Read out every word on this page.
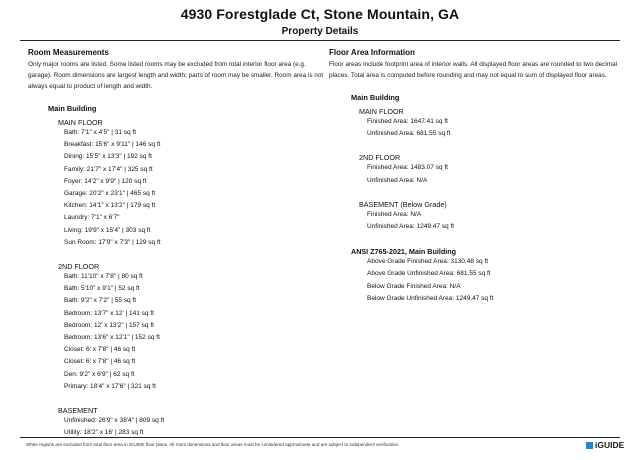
4930 Forestglade Ct, Stone Mountain, GA
Property Details
Room Measurements
Only major rooms are listed. Some listed rooms may be excluded from total interior floor area (e.g. garage). Room dimensions are largest length and width; parts of room may be smaller. Room area is not always equal to product of length and width.
Main Building
MAIN FLOOR
Bath: 7'1" x 4'5" | 31 sq ft
Breakfast: 15'6" x 9'11" | 146 sq ft
Dining: 15'5" x 13'3" | 192 sq ft
Family: 21'7" x 17'4" | 325 sq ft
Foyer: 14'2" x 9'9" | 120 sq ft
Garage: 20'2" x 23'1" | 465 sq ft
Kitchen: 14'1" x 13'2" | 179 sq ft
Laundry: 7'1" x 6'7"
Living: 19'9" x 15'4" | 303 sq ft
Sun Room: 17'9" x 7'3" | 129 sq ft
2ND FLOOR
Bath: 11'10" x 7'8" | 80 sq ft
Bath: 5'10" x 9'1" | 52 sq ft
Bath: 9'2" x 7'2" | 55 sq ft
Bedroom: 13'7" x 12' | 141 sq ft
Bedroom: 12' x 13'2" | 157 sq ft
Bedroom: 13'6" x 12'1" | 152 sq ft
Closet: 6' x 7'8" | 46 sq ft
Closet: 6' x 7'8" | 46 sq ft
Den: 9'2" x 6'9" | 62 sq ft
Primary: 18'4" x 17'6" | 321 sq ft
BASEMENT
Unfinished: 26'9" x 38'4" | 809 sq ft
Utility: 18'2" x 16' | 283 sq ft
Floor Area Information
Floor areas include footprint area of interior walls. All displayed floor areas are rounded to two decimal places. Total area is computed before rounding and may not equal to sum of displayed floor areas.
Main Building
MAIN FLOOR
Finished Area: 1647.41 sq ft
Unfinished Area: 681.55 sq ft
2ND FLOOR
Finished Area: 1483.07 sq ft
Unfinished Area: N/A
BASEMENT (Below Grade)
Finished Area: N/A
Unfinished Area: 1249.47 sq ft
ANSI Z765-2021, Main Building
Above Grade Finished Area: 3130.48 sq ft
Above Grade Unfinished Area: 681.55 sq ft
Below Grade Finished Area: N/A
Below Grade Unfinished Area: 1249.47 sq ft
White regions are excluded from total floor area in iGUIDE floor plans. All room dimensions and floor areas must be considered approximate and are subject to independent verification.	iGUIDE
